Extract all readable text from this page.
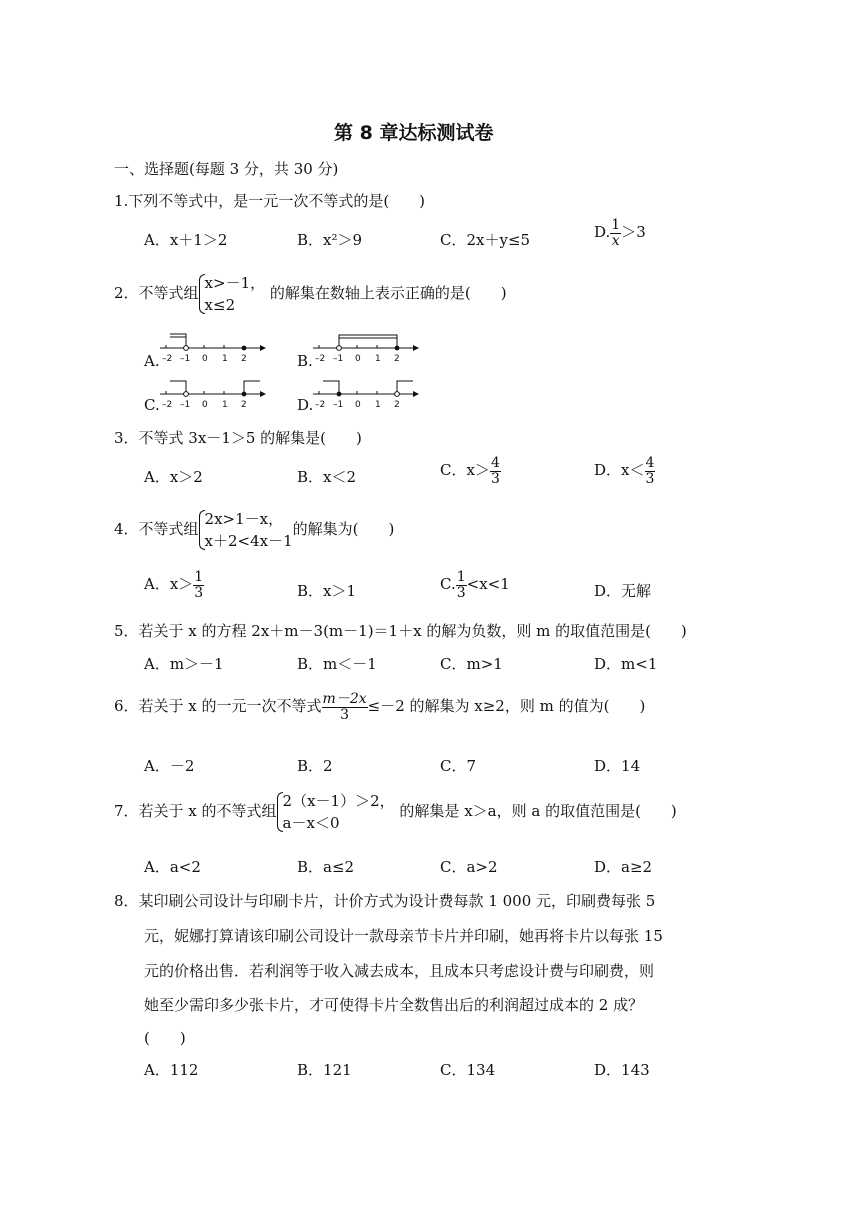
第 8 章达标测试卷
一、选择题(每题 3 分，共 30 分)
1.下列不等式中，是一元一次不等式的是(　　)
A．x＋1＞2	B．x²＞9	C．2x＋y≤5	D. $\frac{1}{x} >3$
2．不等式组
x>－1，
x≤2
的解集在数轴上表示正确的是(　　)
A.	B.
C.	D.
–2 –1 0 1 2	–2 –1 0 1 2
–2 –1 0 1 2	–2 –1 0 1 2
3．不等式 3x－1＞5 的解集是(　　)
A．x＞2	B．x＜2	C．$x> \frac{4}{3}$	D．$x< \frac{4}{3}$
4．不等式组
2x>1－x，
x＋2<4x－1
的解集为(　　)
A．$x> \frac{1}{3}$	B．x＞1	C. $\frac{1}{3} <x<1$	D．无解
5．若关于 x 的方程 2x＋m－3(m－1)＝1＋x 的解为负数，则 m 的取值范围是(　　)
A．m＞－1	B．m＜－1	C．m>1	D．m<1
6．若关于 x 的一元一次不等式 $\frac{m-2x}{3} \le-2$ 的解集为 x≥2，则 m 的值为(　　)
A．－2	B．2	C．7	D．14
7．若关于 x 的不等式组
2（x－1）＞2，
a－x＜0
的解集是 x＞a，则 a 的取值范围是(　　)
A．a<2	B．a≤2	C．a>2	D．a≥2
8．某印刷公司设计与印刷卡片，计价方式为设计费每款 1 000 元，印刷费每张 5
元，妮娜打算请该印刷公司设计一款母亲节卡片并印刷，她再将卡片以每张 15
元的价格出售．若利润等于收入减去成本，且成本只考虑设计费与印刷费，则
她至少需印多少张卡片，才可使得卡片全数售出后的利润超过成本的 2 成？
(　　)
A．112	B．121	C．134	D．143
